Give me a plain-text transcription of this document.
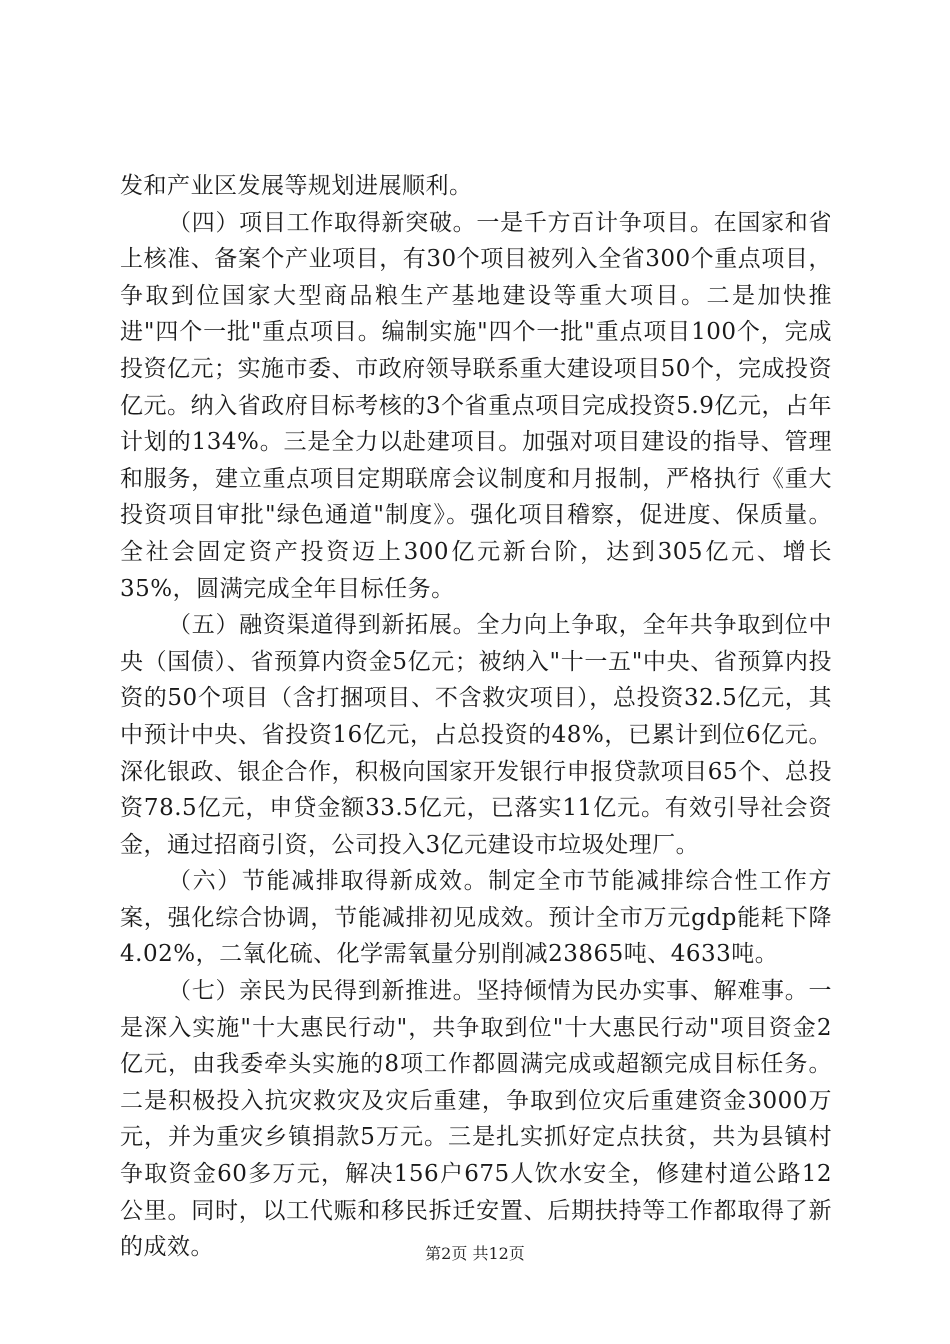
发和产业区发展等规划进展顺利。

（四）项目工作取得新突破。一是千方百计争项目。在国家和省上核准、备案个产业项目，有30个项目被列入全省300个重点项目，争取到位国家大型商品粮生产基地建设等重大项目。二是加快推进"四个一批"重点项目。编制实施"四个一批"重点项目100个，完成投资亿元；实施市委、市政府领导联系重大建设项目50个，完成投资亿元。纳入省政府目标考核的3个省重点项目完成投资5.9亿元，占年计划的134%。三是全力以赴建项目。加强对项目建设的指导、管理和服务，建立重点项目定期联席会议制度和月报制，严格执行《重大投资项目审批"绿色通道"制度》。强化项目稽察，促进度、保质量。全社会固定资产投资迈上300亿元新台阶，达到305亿元、增长35%，圆满完成全年目标任务。

（五）融资渠道得到新拓展。全力向上争取，全年共争取到位中央（国债）、省预算内资金5亿元；被纳入"十一五"中央、省预算内投资的50个项目（含打捆项目、不含救灾项目），总投资32.5亿元，其中预计中央、省投资16亿元，占总投资的48%，已累计到位6亿元。深化银政、银企合作，积极向国家开发银行申报贷款项目65个、总投资78.5亿元，申贷金额33.5亿元，已落实11亿元。有效引导社会资金，通过招商引资，公司投入3亿元建设市垃圾处理厂。

（六）节能减排取得新成效。制定全市节能减排综合性工作方案，强化综合协调，节能减排初见成效。预计全市万元gdp能耗下降4.02%，二氧化硫、化学需氧量分别削减23865吨、4633吨。

（七）亲民为民得到新推进。坚持倾情为民办实事、解难事。一是深入实施"十大惠民行动"，共争取到位"十大惠民行动"项目资金2亿元，由我委牵头实施的8项工作都圆满完成或超额完成目标任务。二是积极投入抗灾救灾及灾后重建，争取到位灾后重建资金3000万元，并为重灾乡镇捐款5万元。三是扎实抓好定点扶贫，共为县镇村争取资金60多万元，解决156户675人饮水安全，修建村道公路12公里。同时，以工代赈和移民拆迁安置、后期扶持等工作都取得了新的成效。	第2页 共12页
